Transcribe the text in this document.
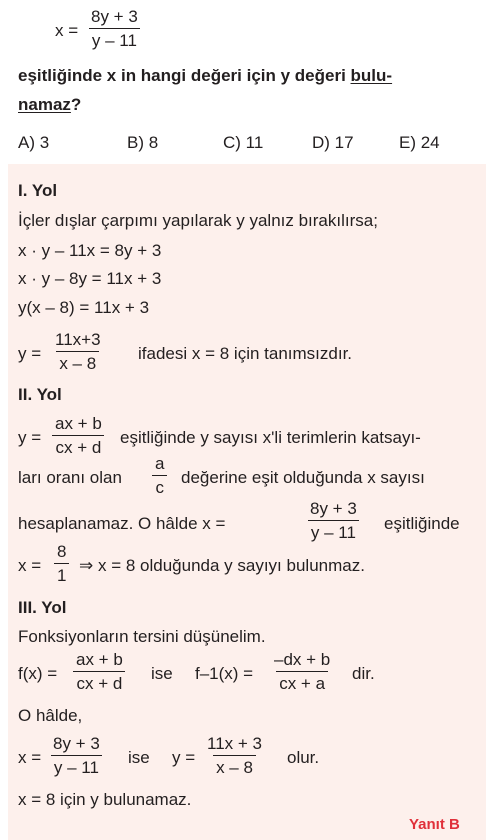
$x = \frac{8y + 3}{y - 11}$
eşitliğinde x in hangi değeri için y değeri bulu-
namaz?
A) 3	B) 8	C) 11	D) 17	E) 24
I. Yol
İçler dışlar çarpımı yapılarak y yalnız bırakılırsa;
x · y – 11x = 8y + 3
x · y – 8y = 11x + 3
y(x – 8) = 11x + 3
$y = \frac{11x+3}{x - 8}$ ifadesi x = 8 için tanımsızdır.
II. Yol
$y = \frac{ax + b}{cx + d}$ eşitliğinde y sayısı x'li terimlerin katsayı-
ları oranı olan $\frac{a}{c}$ değerine eşit olduğunda x sayısı
hesaplanamaz. O hâlde x =	$\frac{8y + 3}{y - 11}$ eşitliğinde
$x = \frac{8}{1}$ ⇒ x = 8 olduğunda y sayıyı bulunmaz.
III. Yol
Fonksiyonların tersini düşünelim.
$f(x) = \frac{ax + b}{cx + d}$ ise $f-1(x) = \frac{-dx + b}{cx + a}$ dir.
O hâlde,
$x = \frac{8y + 3}{y - 11}$ ise $y = \frac{11x + 3}{x - 8}$ olur.
x = 8 için y bulunamaz.
Yanıt B
